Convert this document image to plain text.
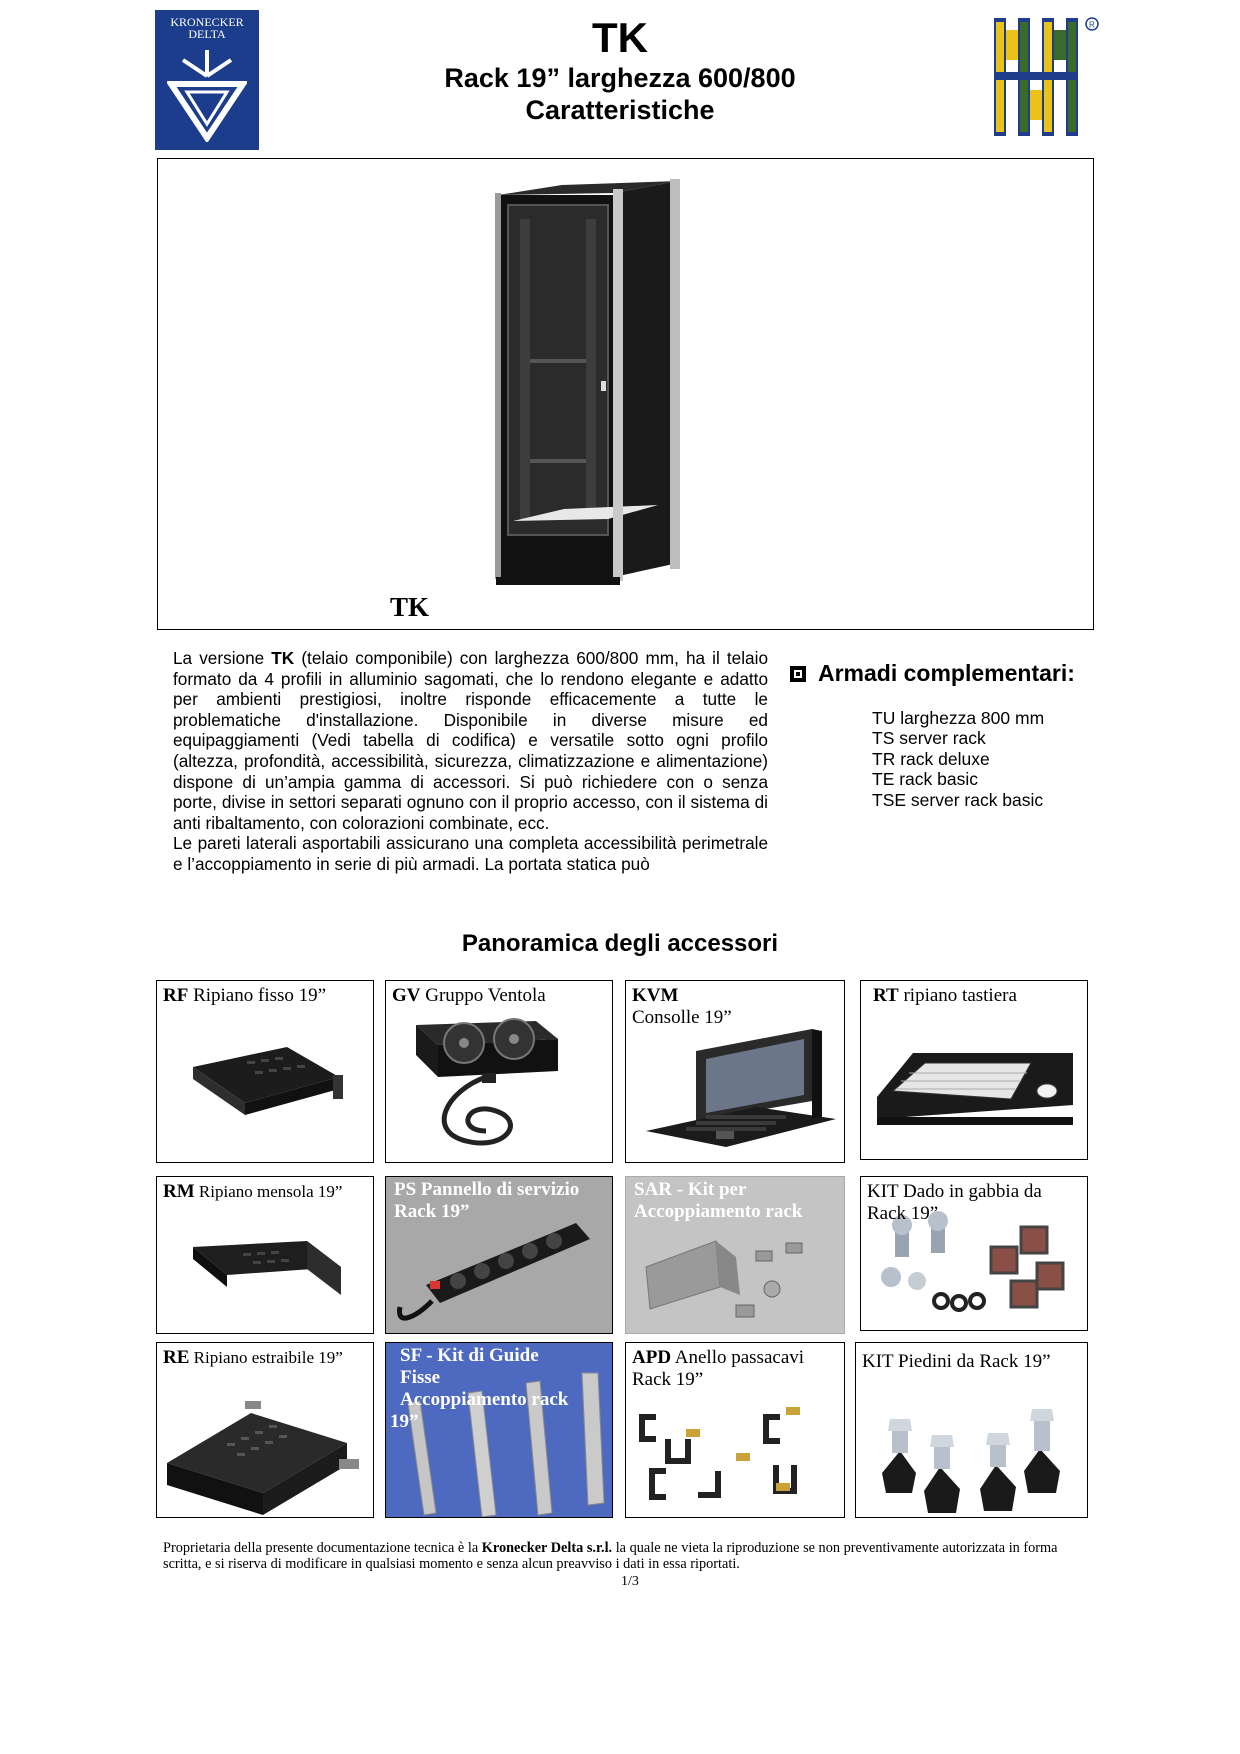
KRONECKER DELTA	TK
Rack 19” larghezza 600/800
Caratteristiche
R
TK

La versione TK (telaio componibile) con larghezza 600/800 mm, ha il telaio formato da 4 profili in alluminio sagomati, che lo rendono elegante e adatto per ambienti prestigiosi, inoltre risponde efficacemente a tutte le problematiche d'installazione. Disponibile in diverse misure ed equipaggiamenti (Vedi tabella di codifica) e versatile sotto ogni profilo (altezza, profondità, accessibilità, sicurezza, climatizzazione e alimentazione) dispone di un’ampia gamma di accessori. Si può richiedere con o senza porte, divise in settori separati ognuno con il proprio accesso, con il sistema di anti ribaltamento, con colorazioni combinate, ecc.

Le pareti laterali asportabili assicurano una completa accessibilità perimetrale e l’accoppiamento in serie di più armadi. La portata statica può

Armadi complementari:
TU larghezza 800 mm
TS server rack
TR rack deluxe
TE rack basic
TSE server rack basic
Panoramica degli accessori
RF Ripiano fisso 19”	GV Gruppo Ventola	KVM
Consolle 19”
RT ripiano tastiera
RM Ripiano mensola 19”	PS Pannello di servizio
Rack 19”
SAR - Kit per
Accoppiamento rack
KIT Dado in gabbia da
Rack 19”
RE Ripiano estraibile 19”	SF - Kit di Guide
Fisse
Accoppiamento rack
19”
APD Anello passacavi
Rack 19”
KIT Piedini da Rack 19”
Proprietaria della presente documentazione tecnica è la Kronecker Delta s.r.l. la quale ne vieta la riproduzione se non preventivamente autorizzata in forma scritta, e si riserva di modificare in qualsiasi momento e senza alcun preavviso i dati in essa riportati.
1/3
